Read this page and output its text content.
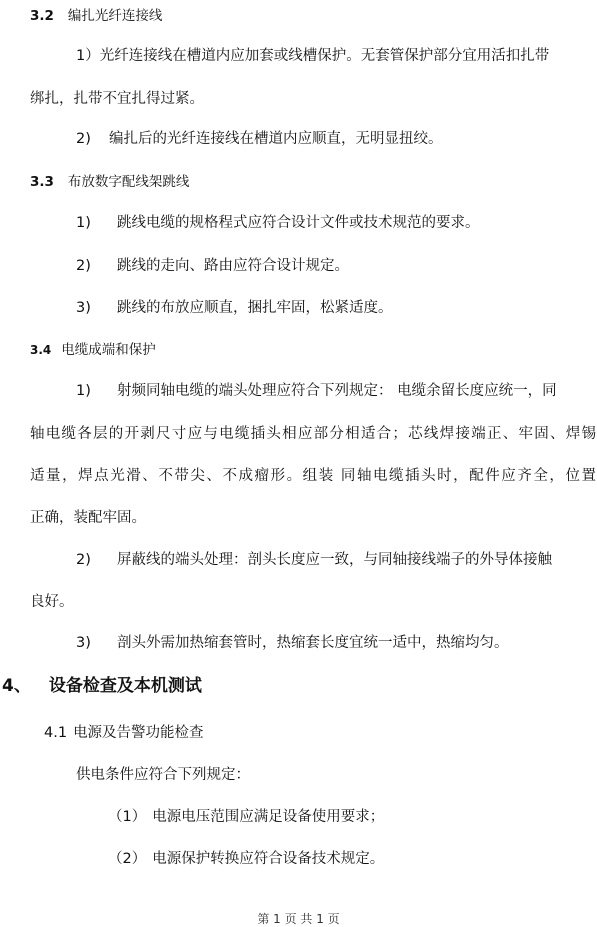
3.2 编扎光纤连接线
1）光纤连接线在槽道内应加套或线槽保护。无套管保护部分宜用活扣扎带
绑扎，扎带不宜扎得过紧。
2) 编扎后的光纤连接线在槽道内应顺直，无明显扭绞。
3.3 布放数字配线架跳线
1) 跳线电缆的规格程式应符合设计文件或技术规范的要求。
2) 跳线的走向、路由应符合设计规定。
3) 跳线的布放应顺直，捆扎牢固，松紧适度。
3.4 电缆成端和保护
1) 射频同轴电缆的端头处理应符合下列规定： 电缆余留长度应统一，同
轴电缆各层的开剥尺寸应与电缆插头相应部分相适合；芯线焊接端正、牢固、焊锡
适量，焊点光滑、不带尖、不成瘤形。组装 同轴电缆插头时，配件应齐全，位置
正确，装配牢固。
2) 屏蔽线的端头处理：剖头长度应一致，与同轴接线端子的外导体接触
良好。
3) 剖头外需加热缩套管时，热缩套长度宜统一适中，热缩均匀。
4、 设备检查及本机测试
4.1 电源及告警功能检查
供电条件应符合下列规定：
（1） 电源电压范围应满足设备使用要求；
（2） 电源保护转换应符合设备技术规定。
第 1 页 共 1 页
